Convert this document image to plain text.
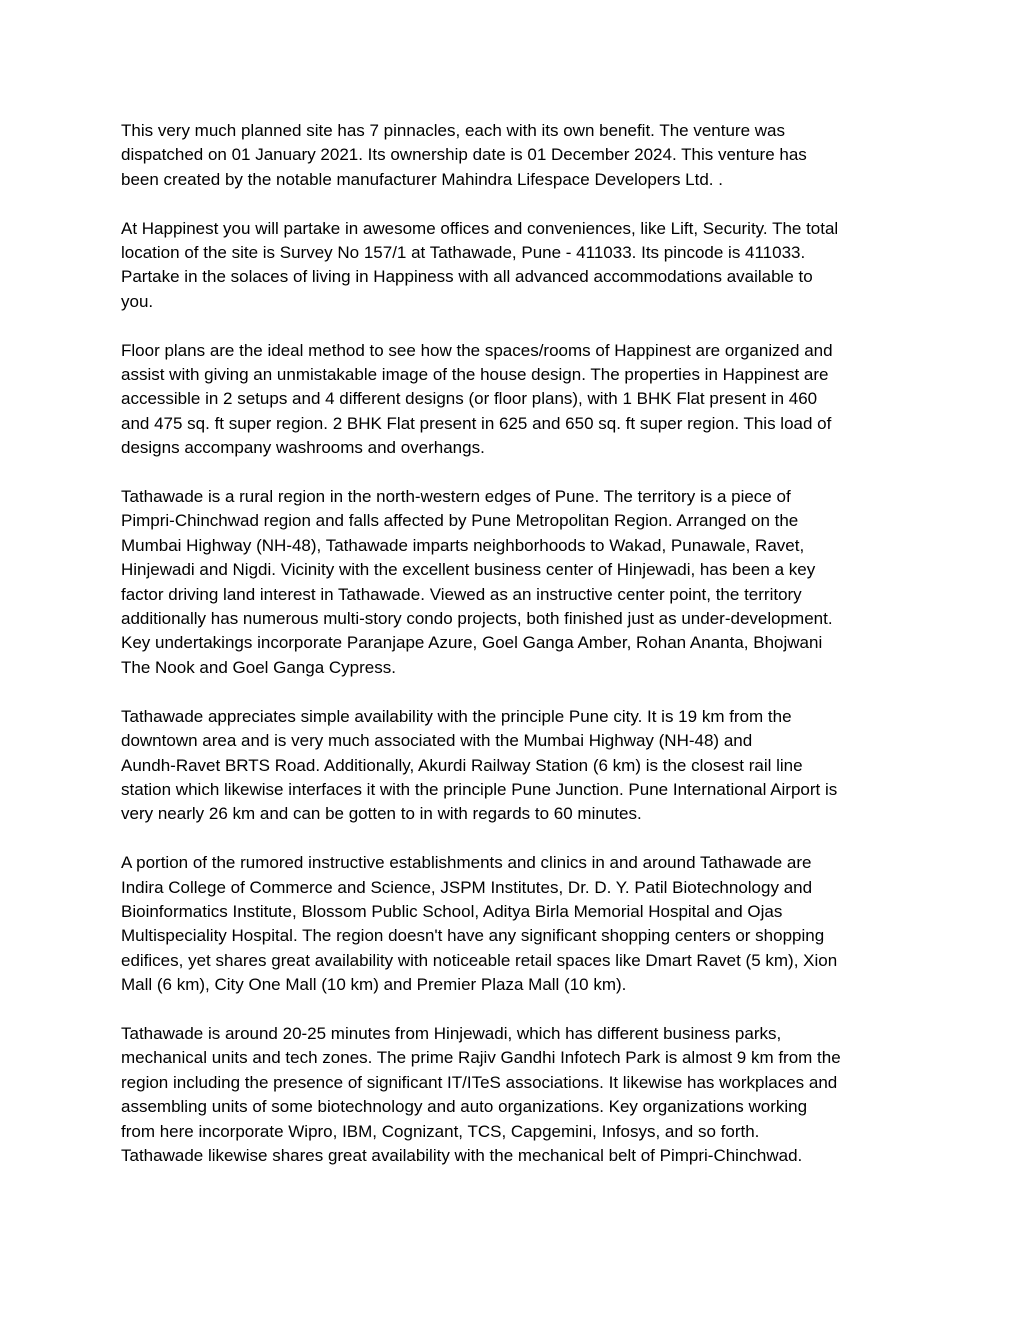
This very much planned site has 7 pinnacles, each with its own benefit. The venture was
dispatched on 01 January 2021. Its ownership date is 01 December 2024. This venture has
been created by the notable manufacturer Mahindra Lifespace Developers Ltd. .

At Happinest you will partake in awesome offices and conveniences, like Lift, Security. The total
location of the site is Survey No 157/1 at Tathawade, Pune - 411033. Its pincode is 411033.
Partake in the solaces of living in Happiness with all advanced accommodations available to
you.

Floor plans are the ideal method to see how the spaces/rooms of Happinest are organized and
assist with giving an unmistakable image of the house design. The properties in Happinest are
accessible in 2 setups and 4 different designs (or floor plans), with 1 BHK Flat present in 460
and 475 sq. ft super region. 2 BHK Flat present in 625 and 650 sq. ft super region. This load of
designs accompany washrooms and overhangs.

Tathawade is a rural region in the north-western edges of Pune. The territory is a piece of
Pimpri-Chinchwad region and falls affected by Pune Metropolitan Region. Arranged on the
Mumbai Highway (NH-48), Tathawade imparts neighborhoods to Wakad, Punawale, Ravet,
Hinjewadi and Nigdi. Vicinity with the excellent business center of Hinjewadi, has been a key
factor driving land interest in Tathawade. Viewed as an instructive center point, the territory
additionally has numerous multi-story condo projects, both finished just as under-development.
Key undertakings incorporate Paranjape Azure, Goel Ganga Amber, Rohan Ananta, Bhojwani
The Nook and Goel Ganga Cypress.

Tathawade appreciates simple availability with the principle Pune city. It is 19 km from the
downtown area and is very much associated with the Mumbai Highway (NH-48) and
Aundh-Ravet BRTS Road. Additionally, Akurdi Railway Station (6 km) is the closest rail line
station which likewise interfaces it with the principle Pune Junction. Pune International Airport is
very nearly 26 km and can be gotten to in with regards to 60 minutes.

A portion of the rumored instructive establishments and clinics in and around Tathawade are
Indira College of Commerce and Science, JSPM Institutes, Dr. D. Y. Patil Biotechnology and
Bioinformatics Institute, Blossom Public School, Aditya Birla Memorial Hospital and Ojas
Multispeciality Hospital. The region doesn't have any significant shopping centers or shopping
edifices, yet shares great availability with noticeable retail spaces like Dmart Ravet (5 km), Xion
Mall (6 km), City One Mall (10 km) and Premier Plaza Mall (10 km).

Tathawade is around 20-25 minutes from Hinjewadi, which has different business parks,
mechanical units and tech zones. The prime Rajiv Gandhi Infotech Park is almost 9 km from the
region including the presence of significant IT/ITeS associations. It likewise has workplaces and
assembling units of some biotechnology and auto organizations. Key organizations working
from here incorporate Wipro, IBM, Cognizant, TCS, Capgemini, Infosys, and so forth.
Tathawade likewise shares great availability with the mechanical belt of Pimpri-Chinchwad.
